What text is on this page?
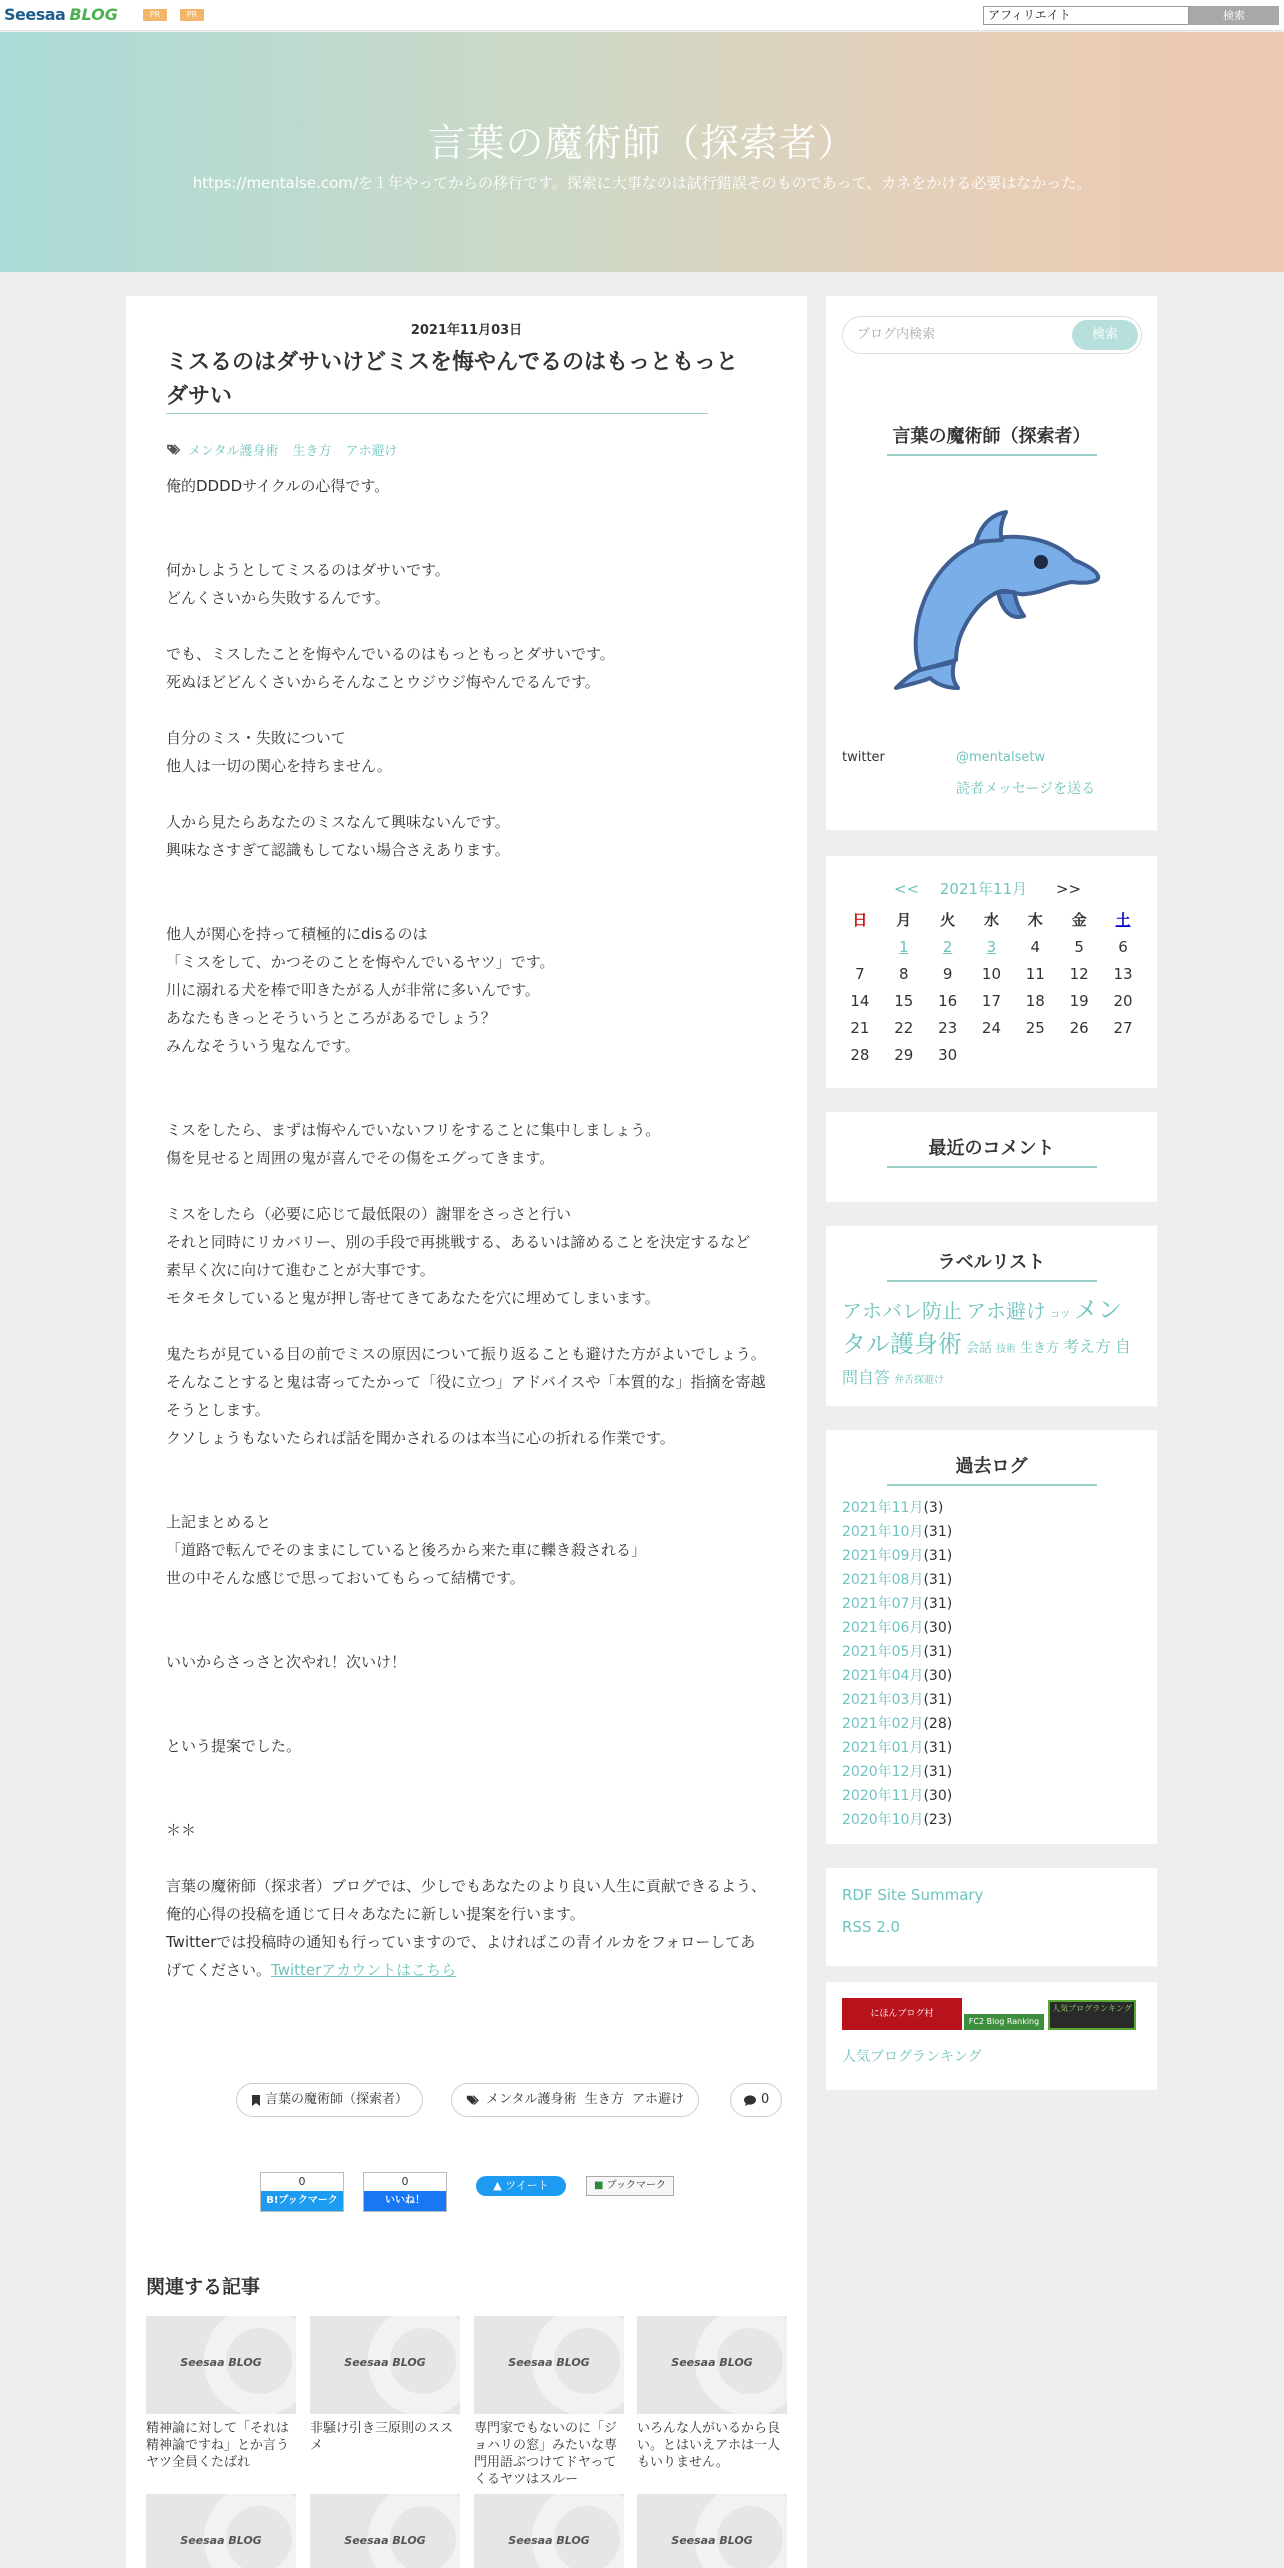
Seesaa BLOG	PR	PR	アフィリエイト	検索
言葉の魔術師（探索者）
https://mentalse.com/を１年やってからの移行です。探索に大事なのは試行錯誤そのものであって、カネをかける必要はなかった。
2021年11月03日
ミスるのはダサいけどミスを悔やんでるのはもっともっとダサい
メンタル護身術 生き方 アホ避け

俺的DDDDサイクルの心得です。

何かしようとしてミスるのはダサいです。

どんくさいから失敗するんです。

でも、ミスしたことを悔やんでいるのはもっともっとダサいです。

死ぬほどどんくさいからそんなことウジウジ悔やんでるんです。

自分のミス・失敗について

他人は一切の関心を持ちません。

人から見たらあなたのミスなんて興味ないんです。

興味なさすぎて認識もしてない場合さえあります。

他人が関心を持って積極的にdisるのは

「ミスをして、かつそのことを悔やんでいるヤツ」です。

川に溺れる犬を棒で叩きたがる人が非常に多いんです。

あなたもきっとそういうところがあるでしょう？

みんなそういう鬼なんです。

ミスをしたら、まずは悔やんでいないフリをすることに集中しましょう。

傷を見せると周囲の鬼が喜んでその傷をエグってきます。

ミスをしたら（必要に応じて最低限の）謝罪をさっさと行い

それと同時にリカバリー、別の手段で再挑戦する、あるいは諦めることを決定するなど

素早く次に向けて進むことが大事です。

モタモタしていると鬼が押し寄せてきてあなたを穴に埋めてしまいます。

鬼たちが見ている目の前でミスの原因について振り返ることも避けた方がよいでしょう。

そんなことすると鬼は寄ってたかって「役に立つ」アドバイスや「本質的な」指摘を寄越そうとします。

クソしょうもないたられば話を聞かされるのは本当に心の折れる作業です。

上記まとめると

「道路で転んでそのままにしていると後ろから来た車に轢き殺される」

世の中そんな感じで思っておいてもらって結構です。

いいからさっさと次やれ！次いけ！

という提案でした。

＊＊

言葉の魔術師（探求者）ブログでは、少しでもあなたのより良い人生に貢献できるよう、俺的心得の投稿を通じて日々あなたに新しい提案を行います。

Twitterでは投稿時の通知も行っていますので、よければこの青イルカをフォローしてあげてください。Twitterアカウントはこちら

言葉の魔術師（探索者）	メンタル護身術  生き方  アホ避け	0
0
B!ブックマーク
0
いいね！
▲ ツイート	■ ブックマーク
関連する記事
Seesaa BLOG
精神論に対して「それは精神論ですね」とか言うヤツ全員くたばれ
Seesaa BLOG
非騒け引き三原則のススメ
Seesaa BLOG
専門家でもないのに「ジョハリの窓」みたいな専門用語ぶつけてドヤってくるヤツはスルー
Seesaa BLOG
いろんな人がいるから良い。とはいえアホは一人もいりません。
Seesaa BLOG	Seesaa BLOG	Seesaa BLOG	Seesaa BLOG
ブログ内検索	検索
言葉の魔術師（探索者）
twitter	@mentalsetw
読者メッセージを送る
<< 2021年11月 >>
日	月	火	水	木	金	土
	1	2	3	4	5	6
7	8	9	10	11	12	13
14	15	16	17	18	19	20
21	22	23	24	25	26	27
28	29	30				
最近のコメント
ラベルリスト
アホバレ防止 アホ避け コツ メンタル護身術 会話 技術 生き方 考え方 自問自答 弁舌探避け
過去ログ
2021年11月(3)
2021年10月(31)
2021年09月(31)
2021年08月(31)
2021年07月(31)
2021年06月(30)
2021年05月(31)
2021年04月(30)
2021年03月(31)
2021年02月(28)
2021年01月(31)
2020年12月(31)
2020年11月(30)
2020年10月(23)
RDF Site Summary
RSS 2.0
にほんブログ村
FC2 Blog Ranking
人気ブログランキング
人気ブログランキング
